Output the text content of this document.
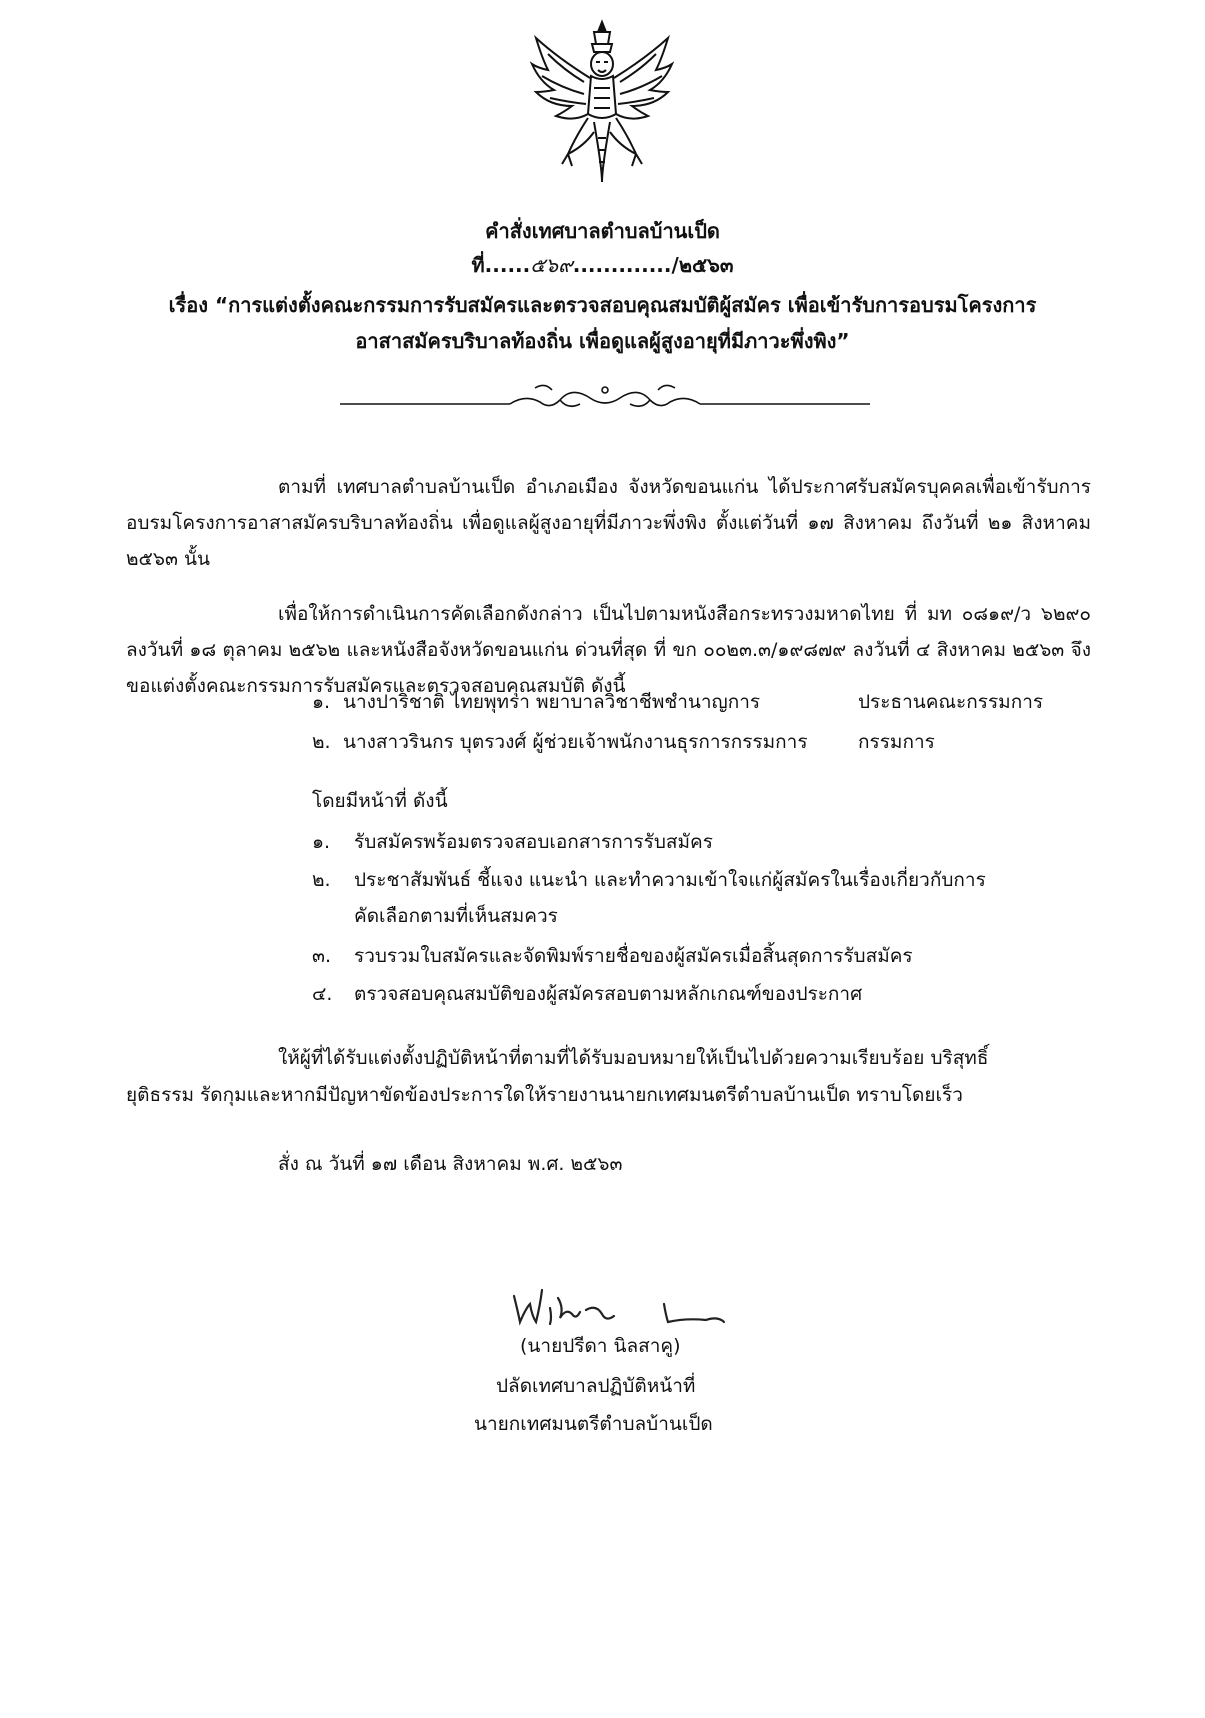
คำสั่งเทศบาลตำบลบ้านเป็ด
ที่......๕๖๙............./๒๕๖๓
เรื่อง “การแต่งตั้งคณะกรรมการรับสมัครและตรวจสอบคุณสมบัติผู้สมัคร เพื่อเข้ารับการอบรมโครงการ
อาสาสมัครบริบาลท้องถิ่น เพื่อดูแลผู้สูงอายุที่มีภาวะพึ่งพิง”
ตามที่ เทศบาลตำบลบ้านเป็ด อำเภอเมือง จังหวัดขอนแก่น ได้ประกาศรับสมัครบุคคลเพื่อเข้ารับการอบรมโครงการอาสาสมัครบริบาลท้องถิ่น เพื่อดูแลผู้สูงอายุที่มีภาวะพึ่งพิง ตั้งแต่วันที่ ๑๗ สิงหาคม ถึงวันที่ ๒๑ สิงหาคม ๒๕๖๓ นั้น
เพื่อให้การดำเนินการคัดเลือกดังกล่าว เป็นไปตามหนังสือกระทรวงมหาดไทย ที่ มท ๐๘๑๙/ว ๖๒๙๐ ลงวันที่ ๑๘ ตุลาคม ๒๕๖๒ และหนังสือจังหวัดขอนแก่น ด่วนที่สุด ที่ ขก ๐๐๒๓.๓/๑๙๘๗๙ ลงวันที่ ๔ สิงหาคม ๒๕๖๓ จึงขอแต่งตั้งคณะกรรมการรับสมัครและตรวจสอบคุณสมบัติ ดังนี้
๑. นางปาริชาติ ไทยพุทรา พยาบาลวิชาชีพชำนาญการ	ประธานคณะกรรมการ
๒. นางสาวรินกร บุตรวงศ์ ผู้ช่วยเจ้าพนักงานธุรการกรรมการ	กรรมการ
โดยมีหน้าที่ ดังนี้
๑. รับสมัครพร้อมตรวจสอบเอกสารการรับสมัคร
๒. ประชาสัมพันธ์ ชี้แจง แนะนำ และทำความเข้าใจแก่ผู้สมัครในเรื่องเกี่ยวกับการ
คัดเลือกตามที่เห็นสมควร
๓. รวบรวมใบสมัครและจัดพิมพ์รายชื่อของผู้สมัครเมื่อสิ้นสุดการรับสมัคร
๔. ตรวจสอบคุณสมบัติของผู้สมัครสอบตามหลักเกณฑ์ของประกาศ
ให้ผู้ที่ได้รับแต่งตั้งปฏิบัติหน้าที่ตามที่ได้รับมอบหมายให้เป็นไปด้วยความเรียบร้อย บริสุทธิ์
ยุติธรรม รัดกุมและหากมีปัญหาขัดข้องประการใดให้รายงานนายกเทศมนตรีตำบลบ้านเป็ด ทราบโดยเร็ว
สั่ง ณ วันที่ ๑๗ เดือน สิงหาคม พ.ศ. ๒๕๖๓
(นายปรีดา นิลสาคู)
ปลัดเทศบาลปฏิบัติหน้าที่
นายกเทศมนตรีตำบลบ้านเป็ด
